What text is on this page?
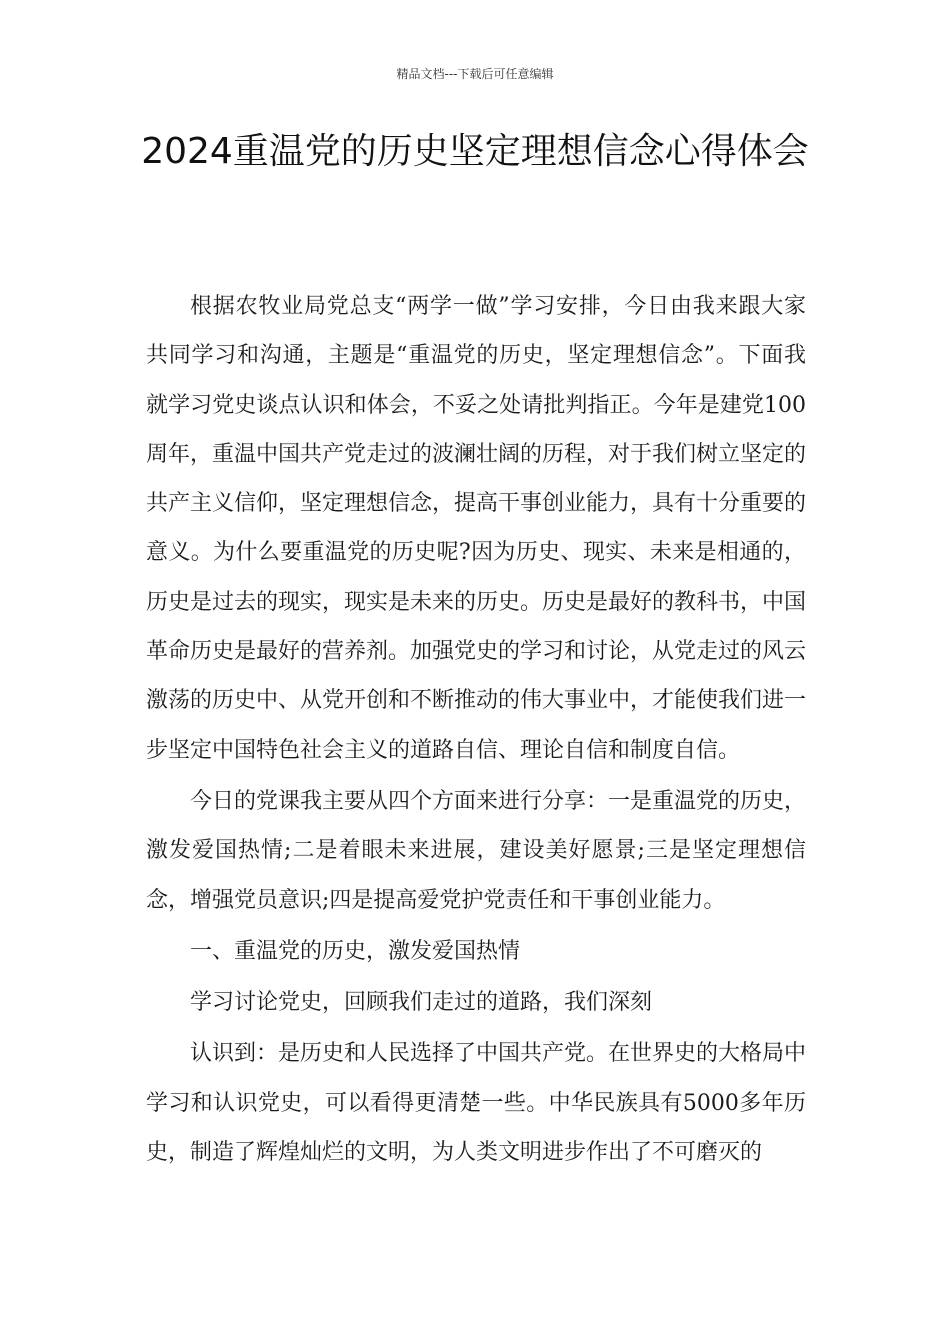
精品文档---下载后可任意编辑
2024重温党的历史坚定理想信念心得体会

根据农牧业局党总支“两学一做”学习安排，今日由我来跟大家共同学习和沟通，主题是“重温党的历史，坚定理想信念”。下面我就学习党史谈点认识和体会，不妥之处请批判指正。今年是建党100周年，重温中国共产党走过的波澜壮阔的历程，对于我们树立坚定的共产主义信仰，坚定理想信念，提高干事创业能力，具有十分重要的意义。为什么要重温党的历史呢?因为历史、现实、未来是相通的，历史是过去的现实，现实是未来的历史。历史是最好的教科书，中国革命历史是最好的营养剂。加强党史的学习和讨论，从党走过的风云激荡的历史中、从党开创和不断推动的伟大事业中，才能使我们进一步坚定中国特色社会主义的道路自信、理论自信和制度自信。

今日的党课我主要从四个方面来进行分享：一是重温党的历史，激发爱国热情;二是着眼未来进展，建设美好愿景;三是坚定理想信念，增强党员意识;四是提高爱党护党责任和干事创业能力。

一、重温党的历史，激发爱国热情

学习讨论党史，回顾我们走过的道路，我们深刻

认识到：是历史和人民选择了中国共产党。在世界史的大格局中学习和认识党史，可以看得更清楚一些。中华民族具有5000多年历史，制造了辉煌灿烂的文明，为人类文明进步作出了不可磨灭的
